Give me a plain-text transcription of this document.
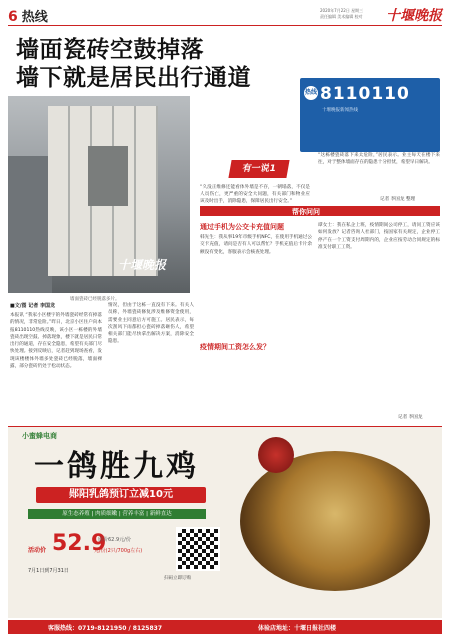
6 热线	2020年7月22日 星期三
责任编辑 美术编辑 校对 十堰晚报
墙面瓷砖空鼓掉落
墙下就是居民出行通道
热线 8110110
十堰晚报新闻热线
十堰晚报
墙面瓷砖已经脱落多片。
■文/图 记者 李国龙
本报讯 “我家小区楼宇的外墙瓷砖经常有掉落的情况，非常危险。”昨日，北京小区住户向本报8110110热线反映，该小区一栋楼的外墙瓷砖出现空鼓、掉落现象，楼下就是居民日常出行的通道，存在安全隐患，希望有关部门尽快处理。接到反映后，记者赶到现场查看，发现该楼楼体外墙多处瓷砖已经脱落，墙面裸露，部分瓷砖仍处于松动状态。
情况，但由于这栋一直没有下来。有关人员称，外墙瓷砖修复涉及维修资金使用，需要业主同意后方可施工。居民表示，每次刮风下雨都担心瓷砖掉落砸伤人，希望相关部门能尽快拿出解决方案，消除安全隐患。
有一说1
“久没正维修还能看体外墙是不存，一朝塌落，不仅是人员伤亡，更严重的安全大问题，有关部门和物业应该及时出手，消除隐患，保障居民出行安全。”	记者 李国龙 整理
“这栋楼瓷砖落下来太危险，”居民表示。业主每天在楼下来往，对于整体墙面存在的隐患十分担忧，希望早日解决。
帮你问问
通过手机为公交卡充值问题
韩先生：我从事19年市级手机NFC，在使用手机通过公交卡充值，请问是否有人可以帮忙？手机充值后卡片余额没有变化，客服表示会核查处理。
疫情期间工资怎么发？
谭女士：我在私企上班，疫情期间公司停工，请问工资应该如何发放？记者咨询人社部门，按国家有关规定，企业停工停产在一个工资支付周期内的，企业应按劳动合同规定的标准支付职工工资。
记者 李国龙
小蜜蜂电商
一鸽胜九鸡
郧阳乳鸽预订立减10元
原生态养殖 | 肉质细嫩 | 营养丰富 | 新鲜直达
活动价 52.9
原价62.9元/份
元/份(2只/700g左右)
7月1日到7月31日
扫码立即订购
客服热线：0719-8121950 / 8125837	体验店地址：十堰日报社四楼
